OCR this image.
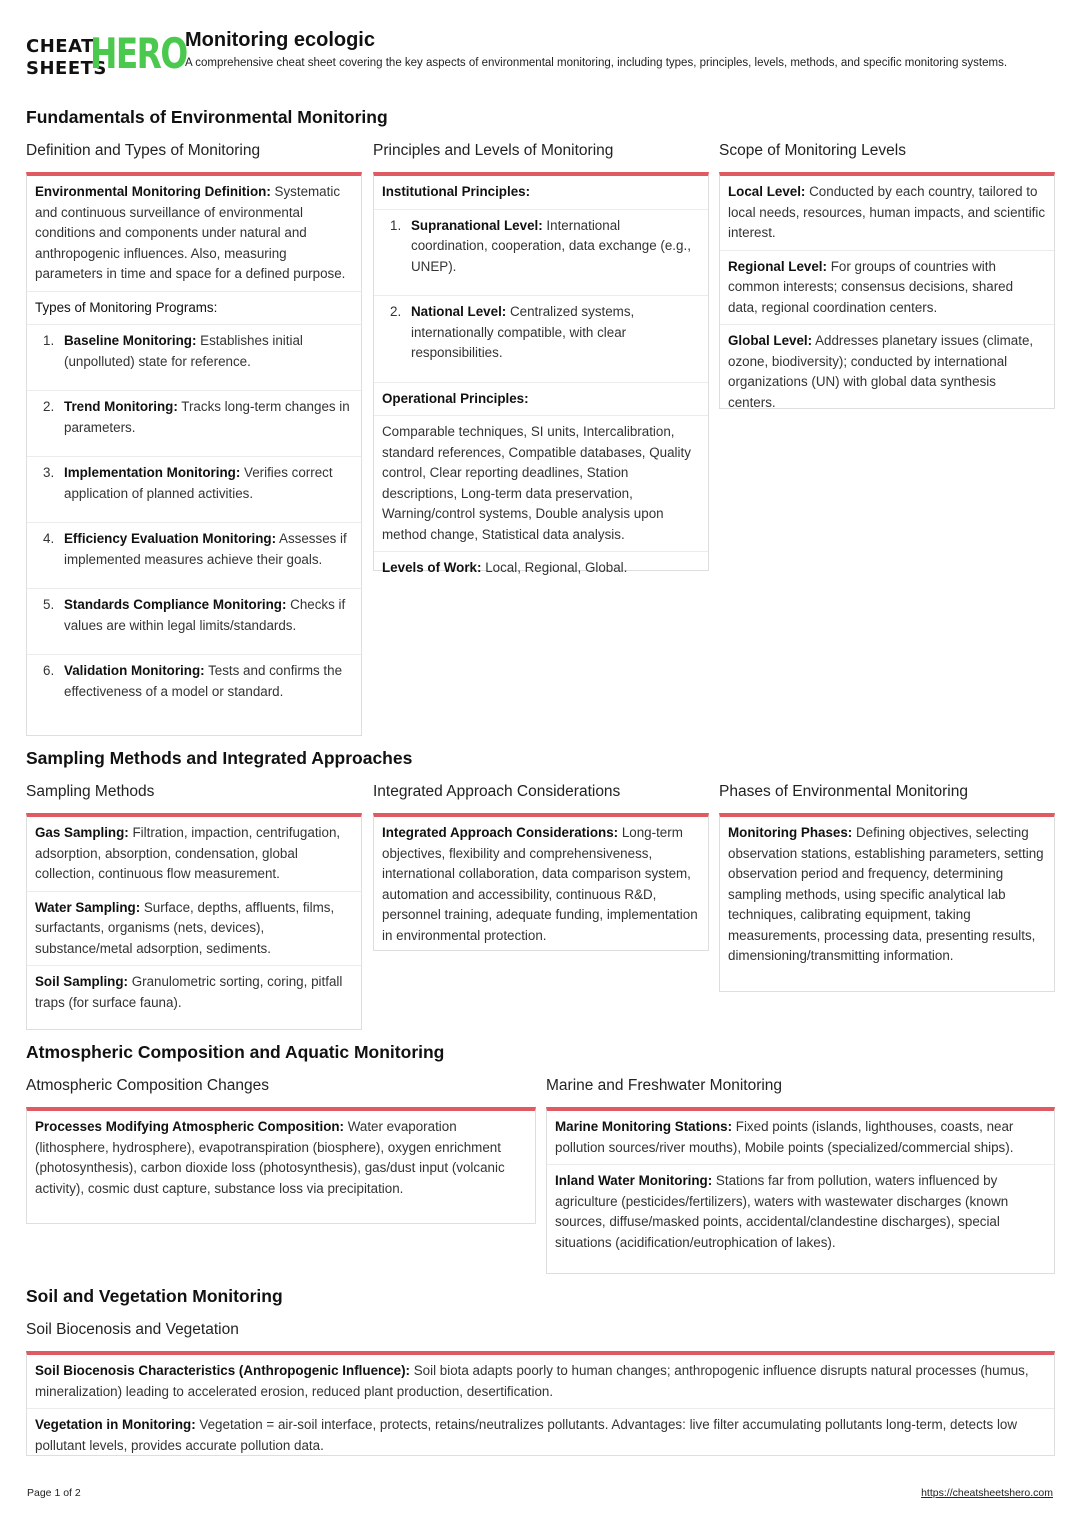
CHEAT
SHEETS
HERO
Monitoring ecologic
A comprehensive cheat sheet covering the key aspects of environmental monitoring, including types, principles, levels, methods, and specific monitoring systems.
Fundamentals of Environmental Monitoring
Definition and Types of Monitoring
Environmental Monitoring Definition: Systematic and continuous surveillance of environmental conditions and components under natural and anthropogenic influences. Also, measuring parameters in time and space for a defined purpose.
Types of Monitoring Programs:
1. Baseline Monitoring: Establishes initial (unpolluted) state for reference.
2. Trend Monitoring: Tracks long-term changes in parameters.
3. Implementation Monitoring: Verifies correct application of planned activities.
4. Efficiency Evaluation Monitoring: Assesses if implemented measures achieve their goals.
5. Standards Compliance Monitoring: Checks if values are within legal limits/standards.
6. Validation Monitoring: Tests and confirms the effectiveness of a model or standard.
Principles and Levels of Monitoring
Institutional Principles:
1. Supranational Level: International coordination, cooperation, data exchange (e.g., UNEP).
2. National Level: Centralized systems, internationally compatible, with clear responsibilities.
Operational Principles:
Comparable techniques, SI units, Intercalibration, standard references, Compatible databases, Quality control, Clear reporting deadlines, Station descriptions, Long-term data preservation, Warning/control systems, Double analysis upon method change, Statistical data analysis.
Levels of Work: Local, Regional, Global.
Scope of Monitoring Levels
Local Level: Conducted by each country, tailored to local needs, resources, human impacts, and scientific interest.
Regional Level: For groups of countries with common interests; consensus decisions, shared data, regional coordination centers.
Global Level: Addresses planetary issues (climate, ozone, biodiversity); conducted by international organizations (UN) with global data synthesis centers.
Sampling Methods and Integrated Approaches
Sampling Methods
Gas Sampling: Filtration, impaction, centrifugation, adsorption, absorption, condensation, global collection, continuous flow measurement.
Water Sampling: Surface, depths, affluents, films, surfactants, organisms (nets, devices), substance/metal adsorption, sediments.
Soil Sampling: Granulometric sorting, coring, pitfall traps (for surface fauna).
Integrated Approach Considerations
Integrated Approach Considerations: Long-term objectives, flexibility and comprehensiveness, international collaboration, data comparison system, automation and accessibility, continuous R&D, personnel training, adequate funding, implementation in environmental protection.
Phases of Environmental Monitoring
Monitoring Phases: Defining objectives, selecting observation stations, establishing parameters, setting observation period and frequency, determining sampling methods, using specific analytical lab techniques, calibrating equipment, taking measurements, processing data, presenting results, dimensioning/transmitting information.
Atmospheric Composition and Aquatic Monitoring
Atmospheric Composition Changes
Processes Modifying Atmospheric Composition: Water evaporation (lithosphere, hydrosphere), evapotranspiration (biosphere), oxygen enrichment (photosynthesis), carbon dioxide loss (photosynthesis), gas/dust input (volcanic activity), cosmic dust capture, substance loss via precipitation.
Marine and Freshwater Monitoring
Marine Monitoring Stations: Fixed points (islands, lighthouses, coasts, near pollution sources/river mouths), Mobile points (specialized/commercial ships).
Inland Water Monitoring: Stations far from pollution, waters influenced by agriculture (pesticides/fertilizers), waters with wastewater discharges (known sources, diffuse/masked points, accidental/clandestine discharges), special situations (acidification/eutrophication of lakes).
Soil and Vegetation Monitoring
Soil Biocenosis and Vegetation
Soil Biocenosis Characteristics (Anthropogenic Influence): Soil biota adapts poorly to human changes; anthropogenic influence disrupts natural processes (humus, mineralization) leading to accelerated erosion, reduced plant production, desertification.
Vegetation in Monitoring: Vegetation = air-soil interface, protects, retains/neutralizes pollutants. Advantages: live filter accumulating pollutants long-term, detects low pollutant levels, provides accurate pollution data.
Page 1 of 2	https://cheatsheetshero.com
